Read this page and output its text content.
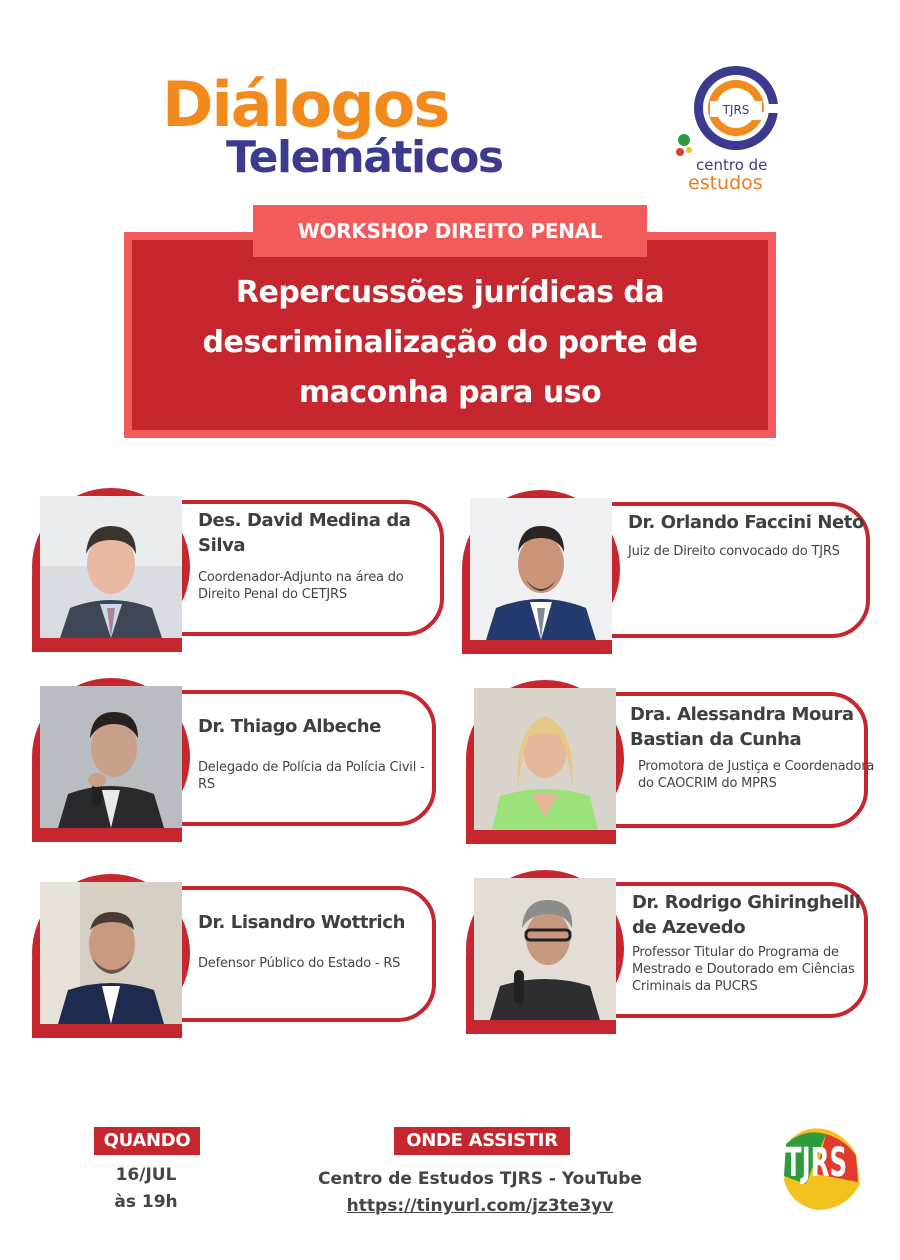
Diálogos
Telemáticos
TJRS
centro de
estudos
Repercussões jurídicas da
descriminalização do porte de
maconha para uso
WORKSHOP DIREITO PENAL
Des. David Medina da Silva
Coordenador-Adjunto na área do Direito Penal do CETJRS
Dr. Orlando Faccini Neto
Juiz de Direito convocado do TJRS
Dr. Thiago Albeche
Delegado de Polícia da Polícia Civil - RS
Dra. Alessandra Moura Bastian da Cunha
Promotora de Justiça e Coordenadora do CAOCRIM do MPRS
Dr. Lisandro Wottrich
Defensor Público do Estado - RS
Dr. Rodrigo Ghiringhelli de Azevedo
Professor Titular do Programa de Mestrado e Doutorado em Ciências Criminais da PUCRS
QUANDO
16/JUL
às 19h
ONDE ASSISTIR
Centro de Estudos TJRS - YouTube
https://tinyurl.com/jz3te3yv
TJRS
